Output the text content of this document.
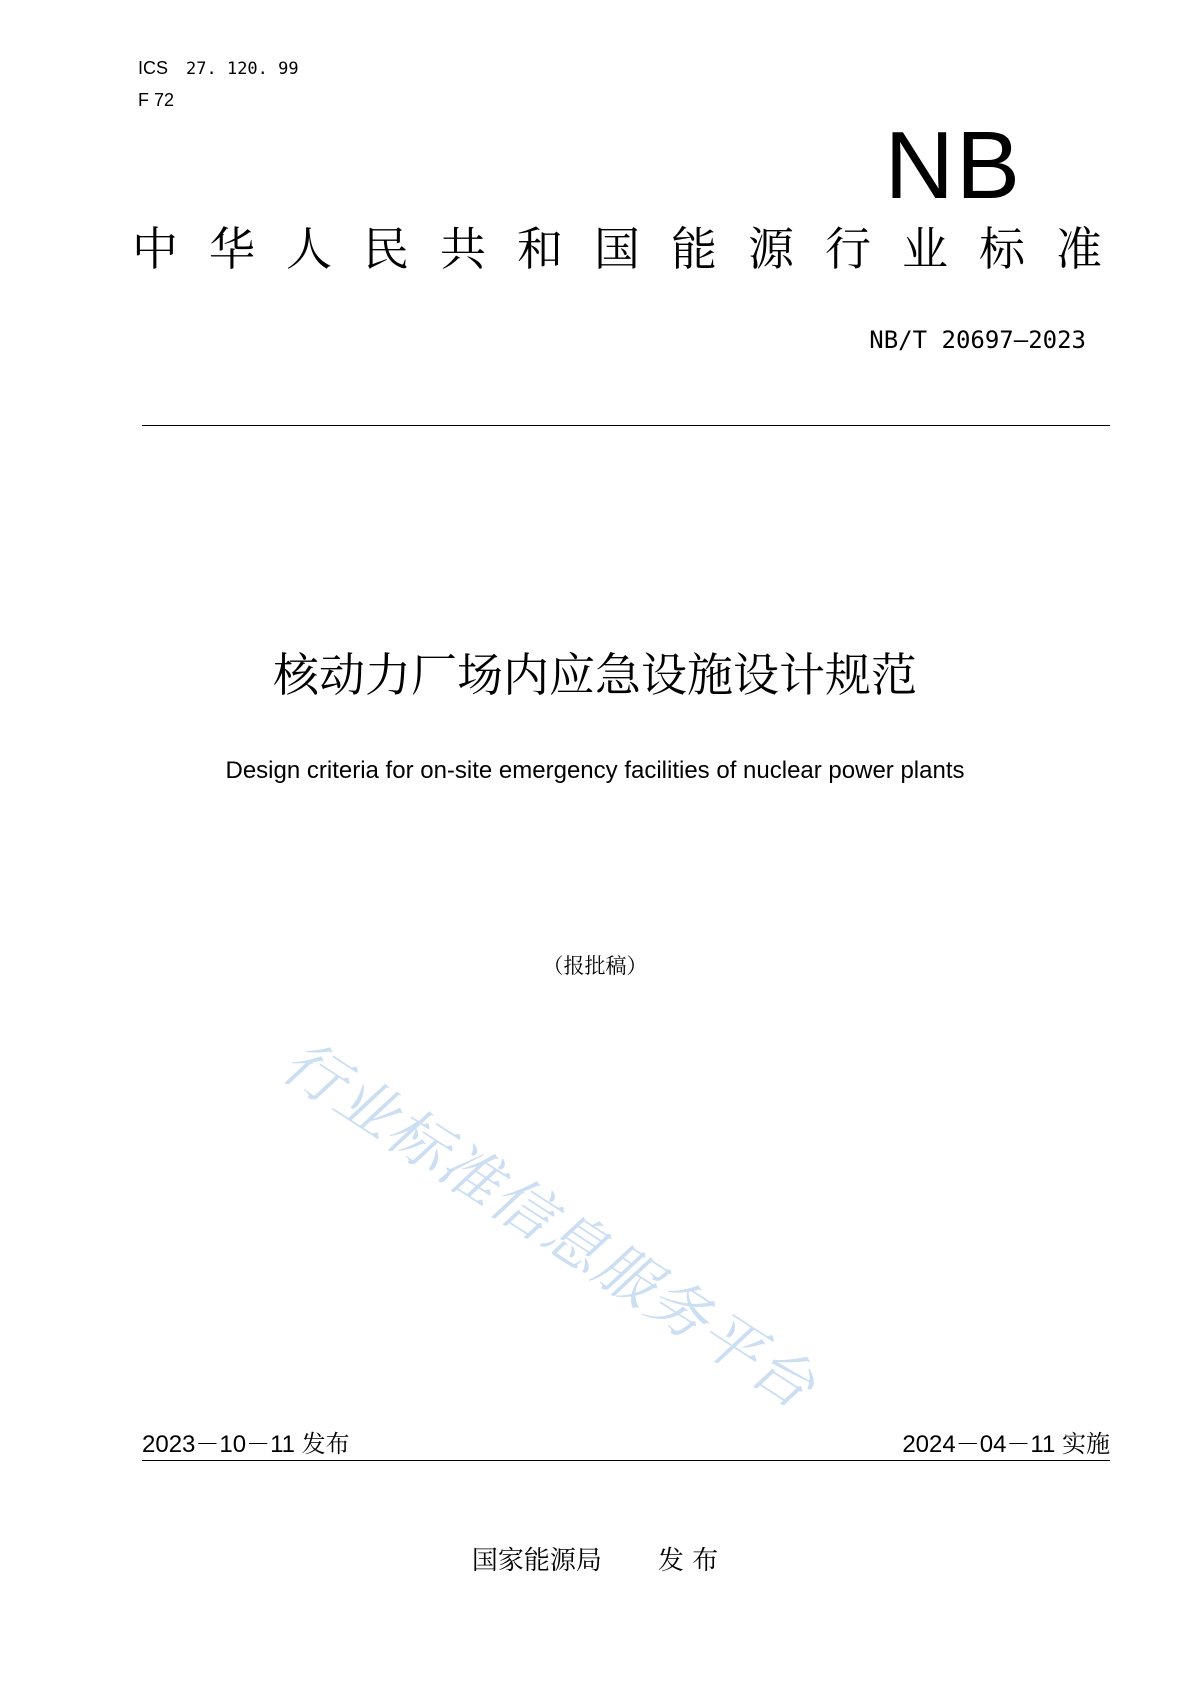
ICS 27. 120. 99
F 72
NB
中华人民共和国能源行业标准
NB/T 20697—2023
核动力厂场内应急设施设计规范
Design criteria for on-site emergency facilities of nuclear power plants
（报批稿）
行业标准信息服务平台
2023－10－11 发布	2024－04－11 实施
国家能源局 发 布
